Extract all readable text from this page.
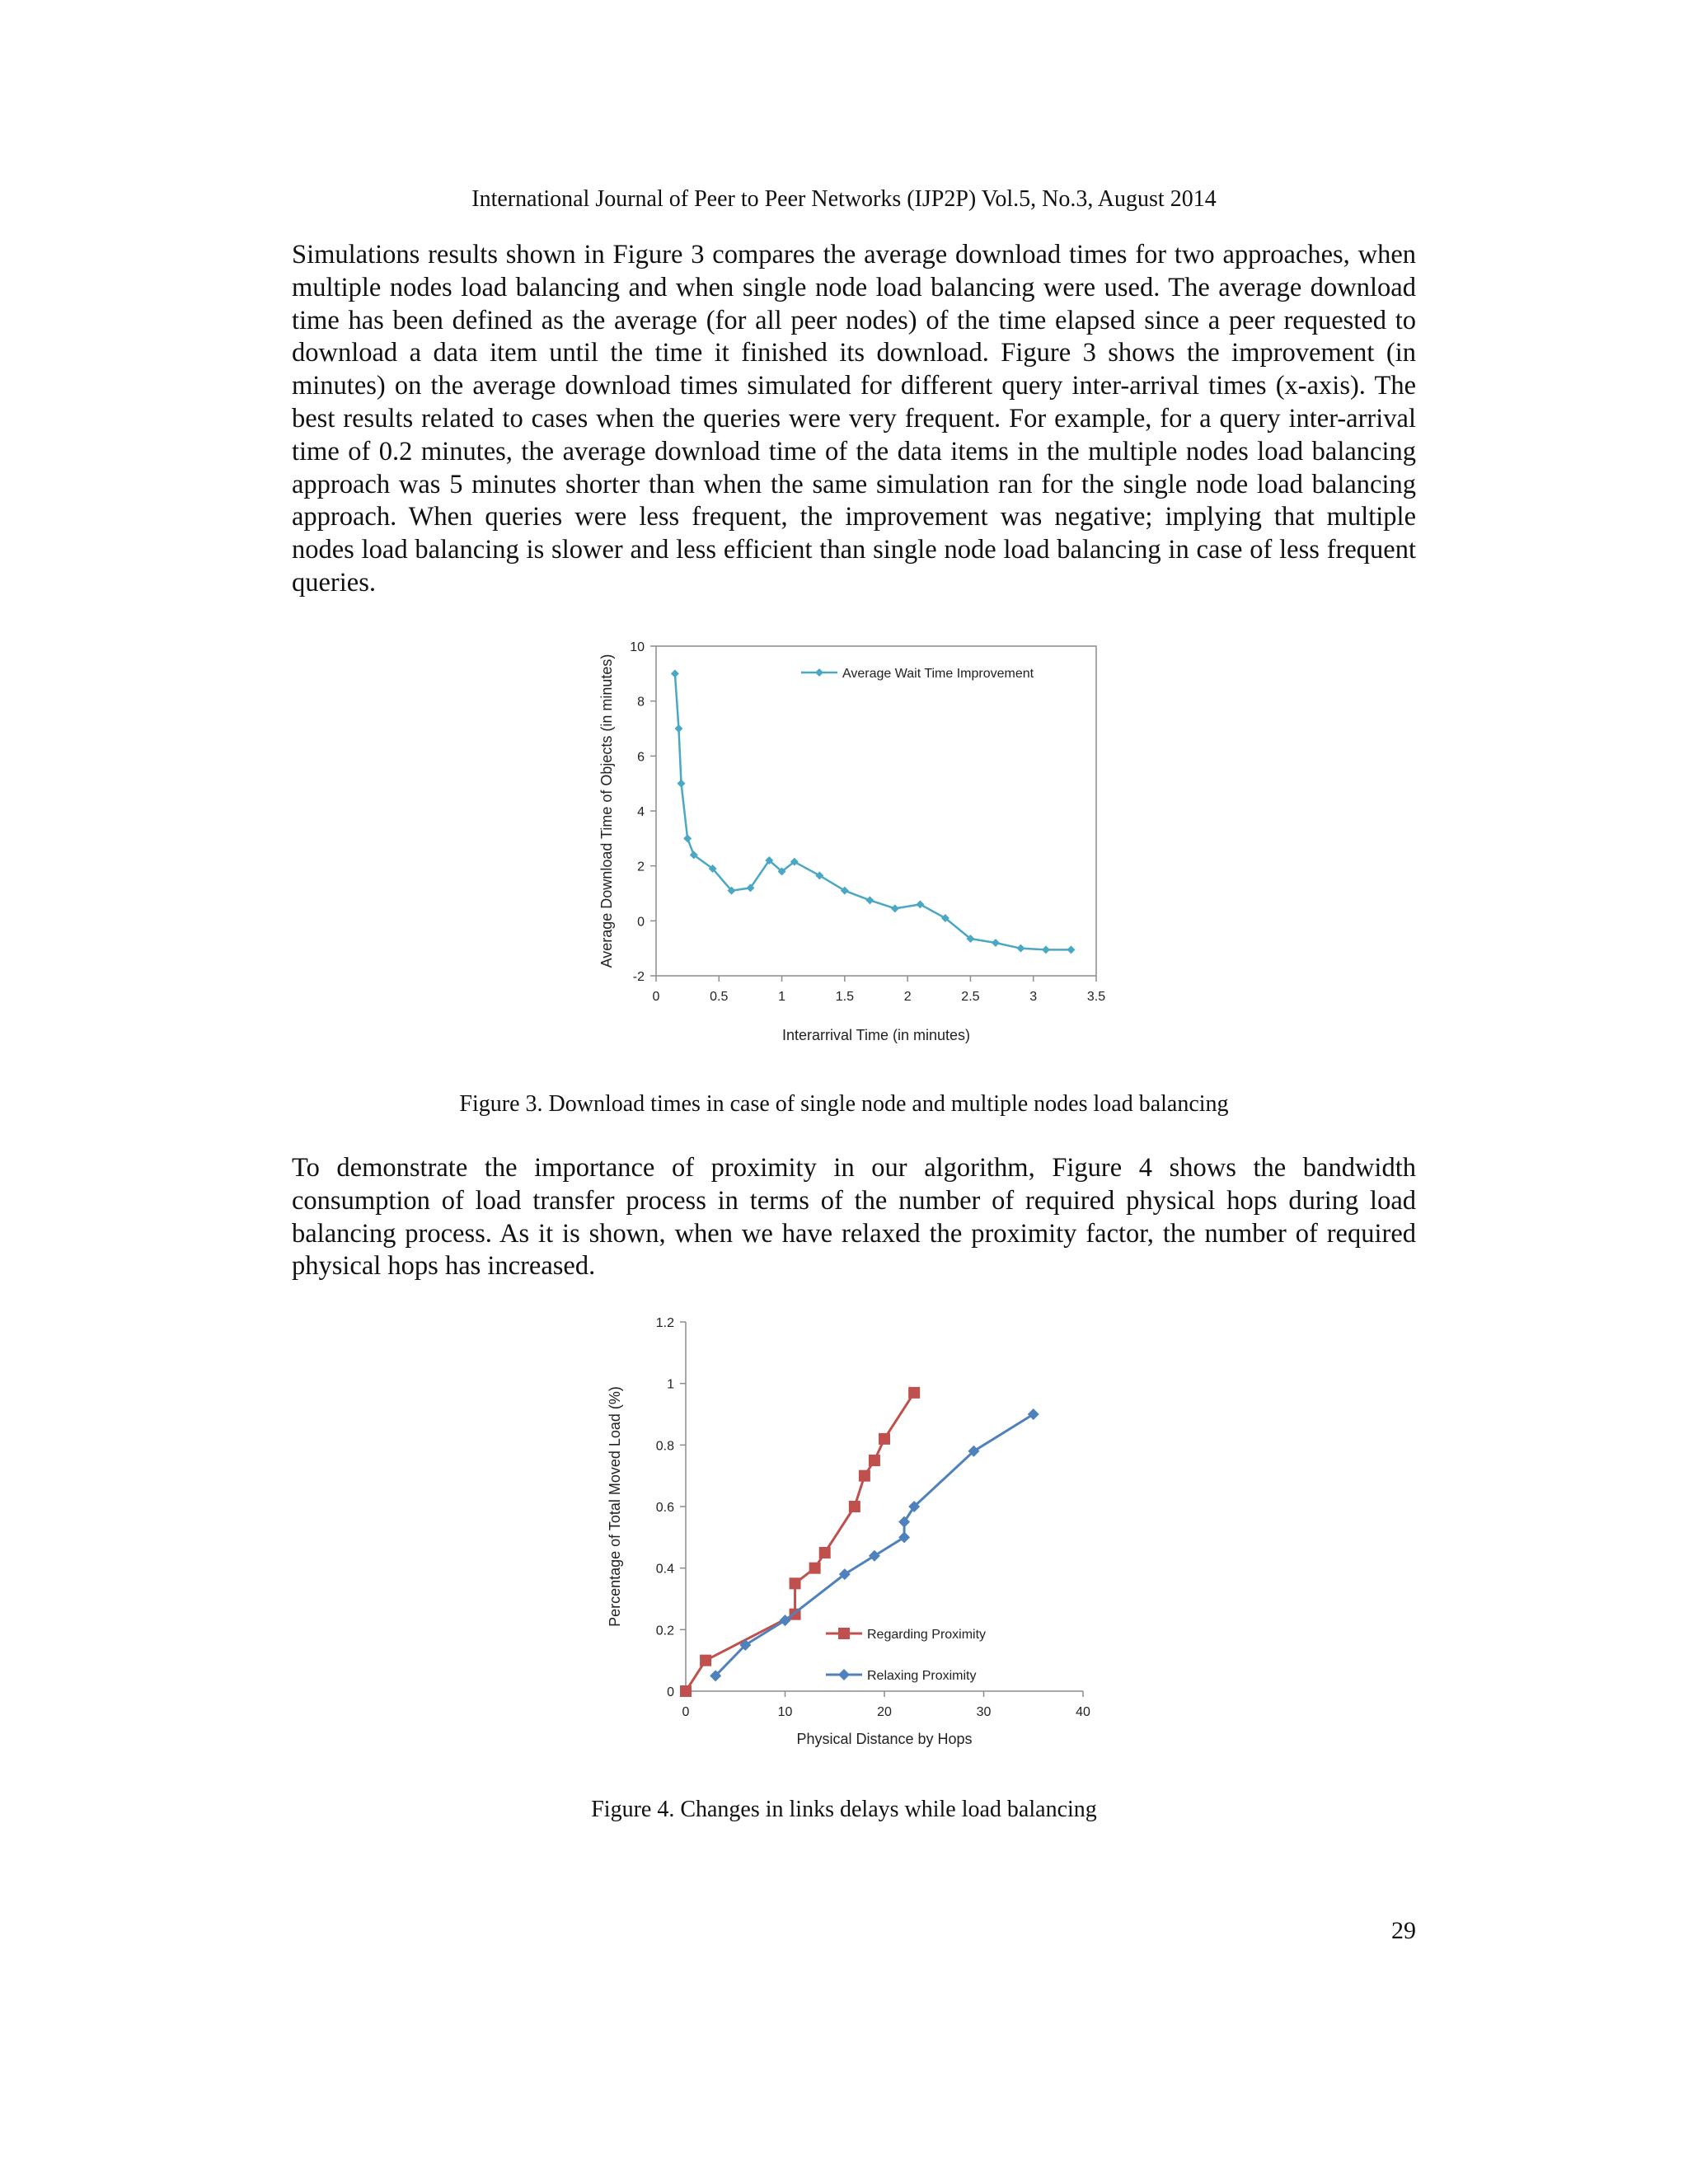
International Journal of Peer to Peer Networks (IJP2P) Vol.5, No.3, August 2014

Simulations results shown in Figure 3 compares the average download times for two approaches, when multiple nodes load balancing and when single node load balancing were used. The average download time has been defined as the average (for all peer nodes) of the time elapsed since a peer requested to download a data item until the time it finished its download. Figure 3 shows the improvement (in minutes) on the average download times simulated for different query inter-arrival times (x-axis). The best results related to cases when the queries were very frequent. For example, for a query inter-arrival time of 0.2 minutes, the average download time of the data items in the multiple nodes load balancing approach was 5 minutes shorter than when the same simulation ran for the single node load balancing approach. When queries were less frequent, the improvement was negative; implying that multiple nodes load balancing is slower and less efficient than single node load balancing in case of less frequent queries.

-2
0
2
4
6
8
10
0	0.5	1	1.5	2	2.5	3	3.5
Interarrival Time (in minutes)
Average Download Time of Objects (in minutes)	Average Wait Time Improvement
Figure 3. Download times in case of single node and multiple nodes load balancing

To demonstrate the importance of proximity in our algorithm, Figure 4 shows the bandwidth consumption of load transfer process in terms of the number of required physical hops during load balancing process. As it is shown, when we have relaxed the proximity factor, the number of required physical hops has increased.

0
0.2
0.4
0.6
0.8
1
1.2
0	10	20	30	40
Physical Distance by Hops
Percentage of Total Moved Load (%)
Regarding Proximity
Relaxing Proximity
Figure 4. Changes in links delays while load balancing
29
